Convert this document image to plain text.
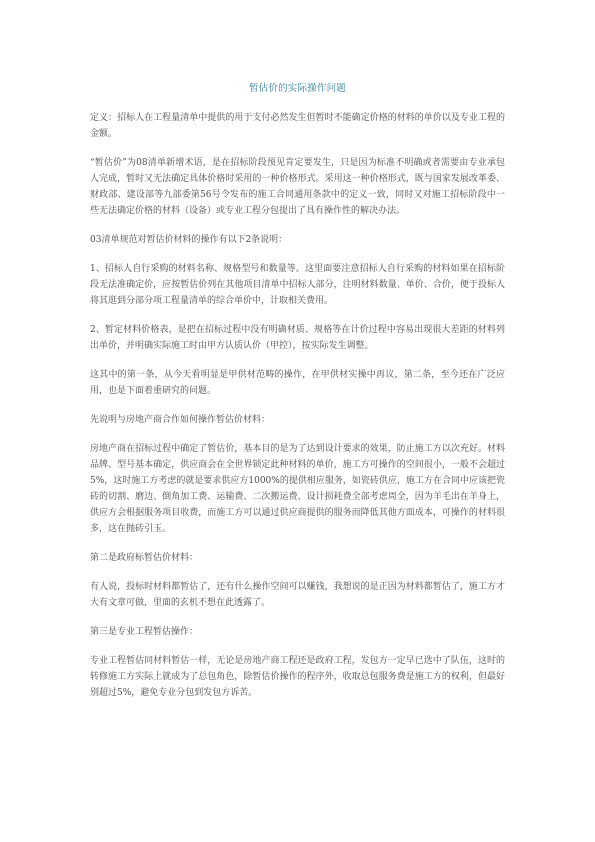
暂估价的实际操作问题

定义：招标人在工程量清单中提供的用于支付必然发生但暂时不能确定价格的材料的单价以及专业工程的金额。

“暂估价”为08清单新增术语，是在招标阶段预见肯定要发生，只是因为标准不明确或者需要由专业承包人完成，暂时又无法确定具体价格时采用的一种价格形式。采用这一种价格形式，既与国家发展改革委、财政部、建设部等九部委第56号令发布的施工合同通用条款中的定义一致，同时又对施工招标阶段中一些无法确定价格的材料（设备）或专业工程分包提出了具有操作性的解决办法。

03清单规范对暂估价材料的操作有以下2条说明：

1、招标人自行采购的材料名称、规格型号和数量等。这里面要注意招标人自行采购的材料如果在招标阶段无法准确定价，应按暂估价列在其他项目清单中招标人部分，注明材料数量、单价、合价，便于投标人将其逛到分部分项工程量清单的综合单价中，计取相关费用。

2、暂定材料价格表，是把在招标过程中没有明确材质、规格等在计价过程中容易出现很大差距的材料列出单价，并明确实际施工时由甲方认质认价（甲控），按实际发生调整。

这其中的第一条，从今天看明显是甲供材范畴的操作，在甲供材实操中再议，第二条，至今还在广泛应用，也是下面着重研究的问题。

先说明与房地产商合作如何操作暂估价材料：

房地产商在招标过程中确定了暂估价，基本目的是为了达到设计要求的效果，防止施工方以次充好。材料品牌、型号基本确定，供应商会在全世界锁定此种材料的单价，施工方可操作的空间很小，一般不会超过5%，这时施工方考虑的就是要求供应方1000%的提供相应服务，如瓷砖供应，施工方在合同中应该把瓷砖的切割、磨边、倒角加工费、运输费、二次搬运费、设计损耗费全部考虑周全，因为羊毛出在羊身上，供应方会根据服务项目收费，而施工方可以通过供应商提供的服务而降低其他方面成本，可操作的材料很多，这在抛砖引玉。

第二是政府标暂估价材料：

有人说，投标时材料都暂估了，还有什么操作空间可以赚钱，我想说的是正因为材料都暂估了，施工方才大有文章可做，里面的玄机不想在此透露了。

第三是专业工程暂估操作：

专业工程暂估同材料暂估一样，无论是房地产商工程还是政府工程，发包方一定早已选中了队伍，这时的转修施工方实际上就成为了总包角色，除暂估价操作的程序外，收取总包服务费是施工方的权利，但最好别超过5%，避免专业分包到发包方诉苦。
